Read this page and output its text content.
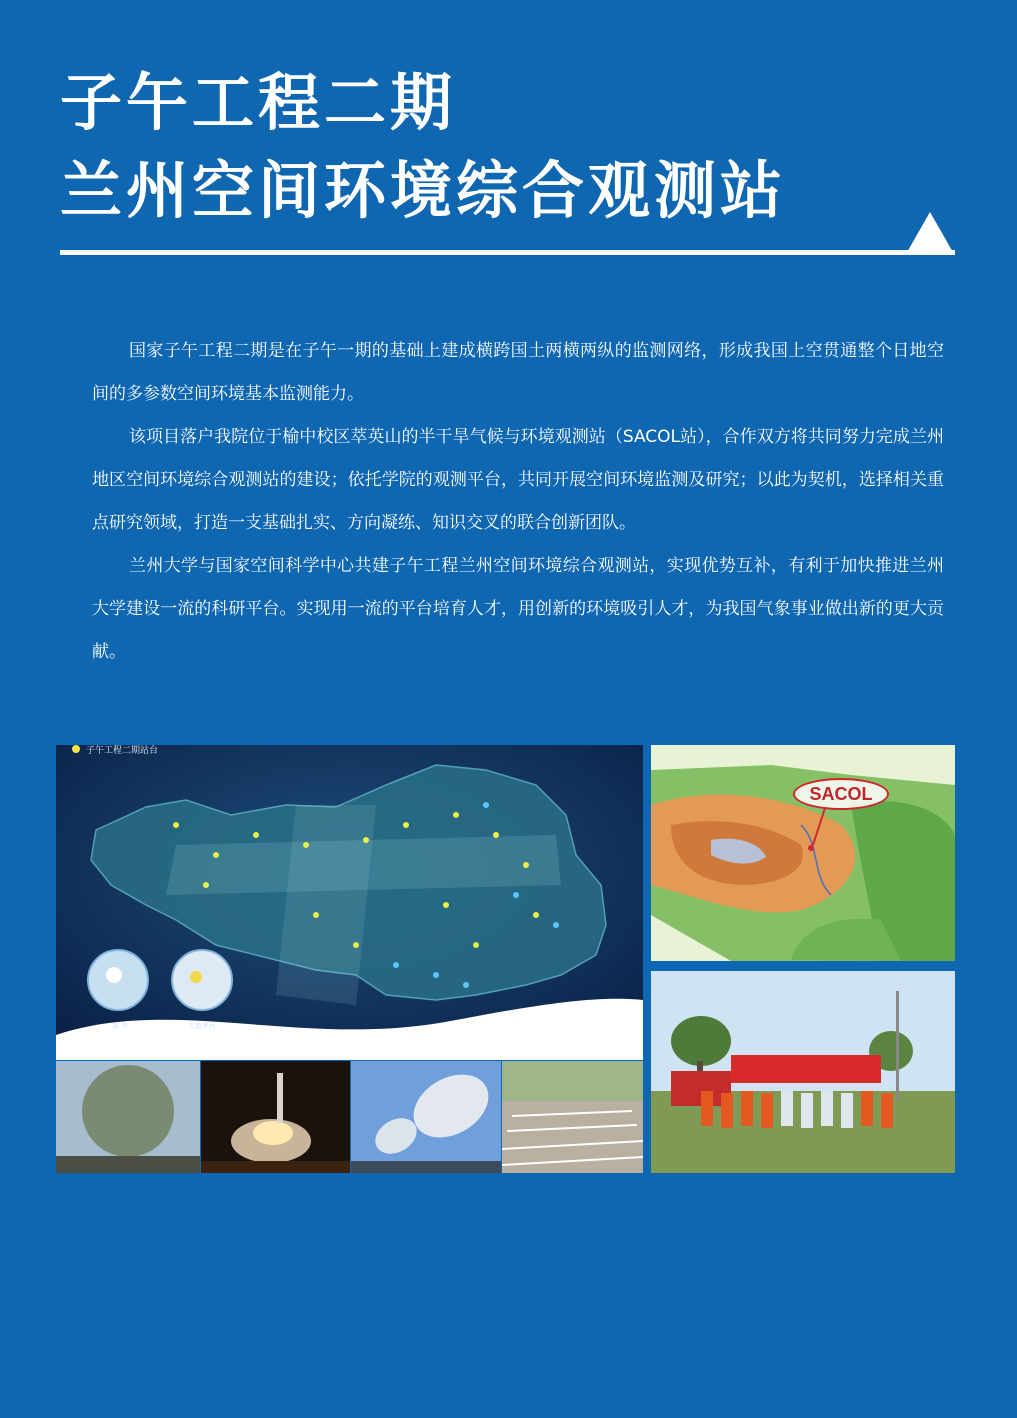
子午工程二期
兰州空间环境综合观测站

国家子午工程二期是在子午一期的基础上建成横跨国土两横两纵的监测网络，形成我国上空贯通整个日地空间的多参数空间环境基本监测能力。

该项目落户我院位于榆中校区萃英山的半干旱气候与环境观测站（SACOL站），合作双方将共同努力完成兰州地区空间环境综合观测站的建设；依托学院的观测平台，共同开展空间环境监测及研究；以此为契机，选择相关重点研究领域，打造一支基础扎实、方向凝练、知识交叉的联合创新团队。

兰州大学与国家空间科学中心共建子午工程兰州空间环境综合观测站，实现优势互补，有利于加快推进兰州大学建设一流的科研平台。实现用一流的平台培育人才，用创新的环境吸引人才，为我国气象事业做出新的更大贡献。

子午工程二期站台
高 等	左旗黑河
SACOL
